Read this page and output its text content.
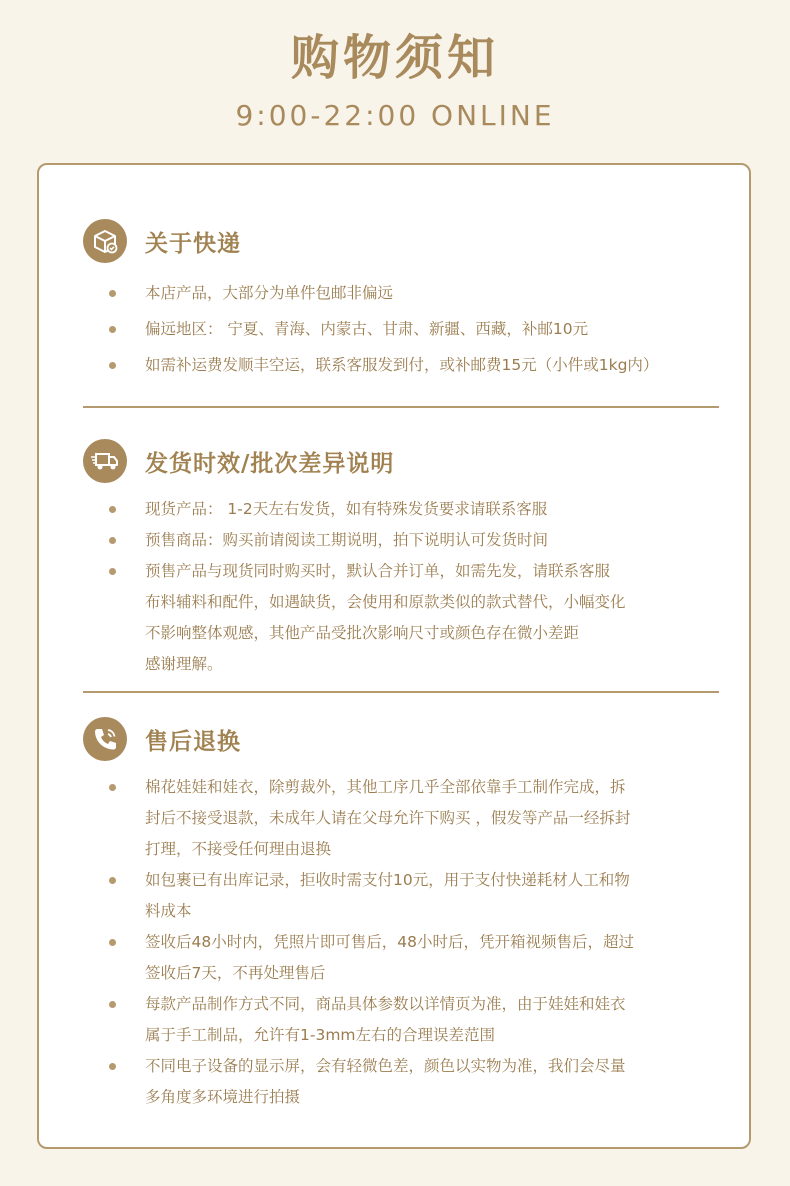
购物须知
9:00-22:00 ONLINE
关于快递
本店产品，大部分为单件包邮非偏远
偏远地区： 宁夏、青海、内蒙古、甘肃、新疆、西藏，补邮10元
如需补运费发顺丰空运，联系客服发到付，或补邮费15元（小件或1kg内）
发货时效/批次差异说明
现货产品： 1-2天左右发货，如有特殊发货要求请联系客服
预售商品：购买前请阅读工期说明，拍下说明认可发货时间
预售产品与现货同时购买时，默认合并订单，如需先发，请联系客服
布料辅料和配件，如遇缺货，会使用和原款类似的款式替代，小幅变化
不影响整体观感，其他产品受批次影响尺寸或颜色存在微小差距
感谢理解。
售后退换
棉花娃娃和娃衣，除剪裁外，其他工序几乎全部依靠手工制作完成，拆
封后不接受退款，未成年人请在父母允许下购买 ，假发等产品一经拆封
打理，不接受任何理由退换
如包裹已有出库记录，拒收时需支付10元，用于支付快递耗材人工和物
料成本
签收后48小时内，凭照片即可售后，48小时后，凭开箱视频售后，超过
签收后7天，不再处理售后
每款产品制作方式不同，商品具体参数以详情页为准，由于娃娃和娃衣
属于手工制品，允许有1-3mm左右的合理误差范围
不同电子设备的显示屏，会有轻微色差，颜色以实物为准，我们会尽量
多角度多环境进行拍摄
